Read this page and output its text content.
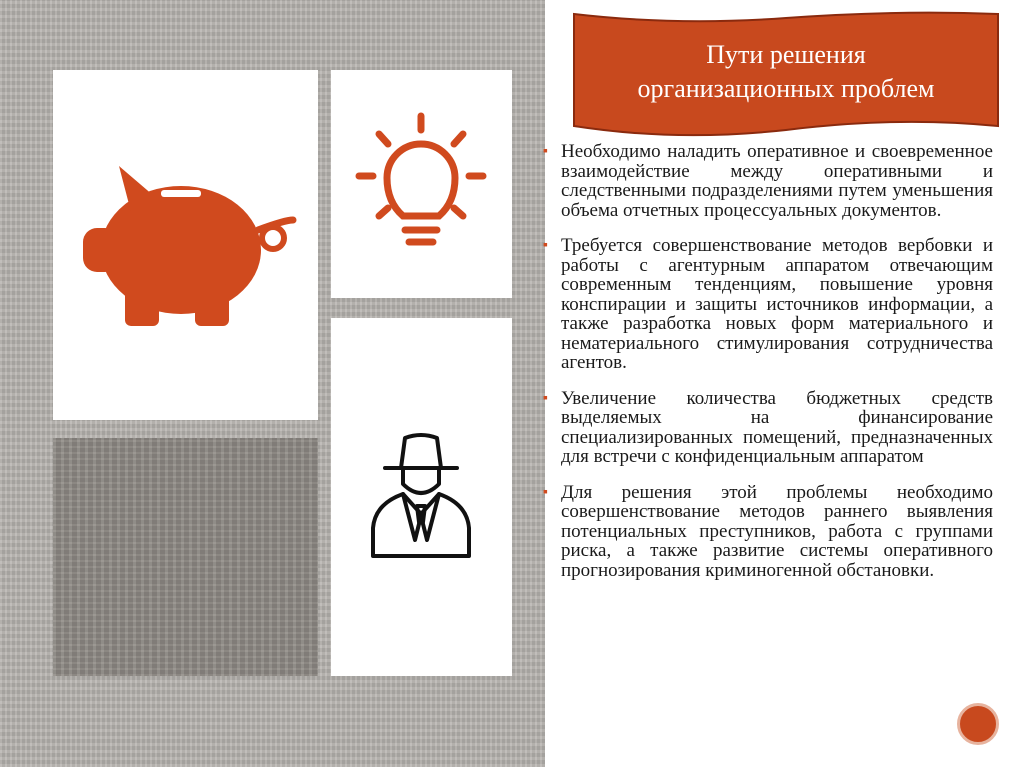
Пути решения
организационных проблем
▪ Необходимо наладить оперативное и своевременное взаимодействие между оперативными и следственными подразделениями путем уменьшения объема отчетных процессуальных документов.
▪ Требуется совершенствование методов вербовки и работы с агентурным аппаратом отвечающим современным тенденциям, повышение уровня конспирации и защиты источников информации, а также разработка новых форм материального и нематериального стимулирования сотрудничества агентов.
▪ Увеличение количества бюджетных средств выделяемых на финансирование специализированных помещений, предназначенных для встречи с конфиденциальным аппаратом
▪ Для решения этой проблемы необходимо совершенствование методов раннего выявления потенциальных преступников, работа с группами риска, а также развитие системы оперативного прогнозирования криминогенной обстановки.
